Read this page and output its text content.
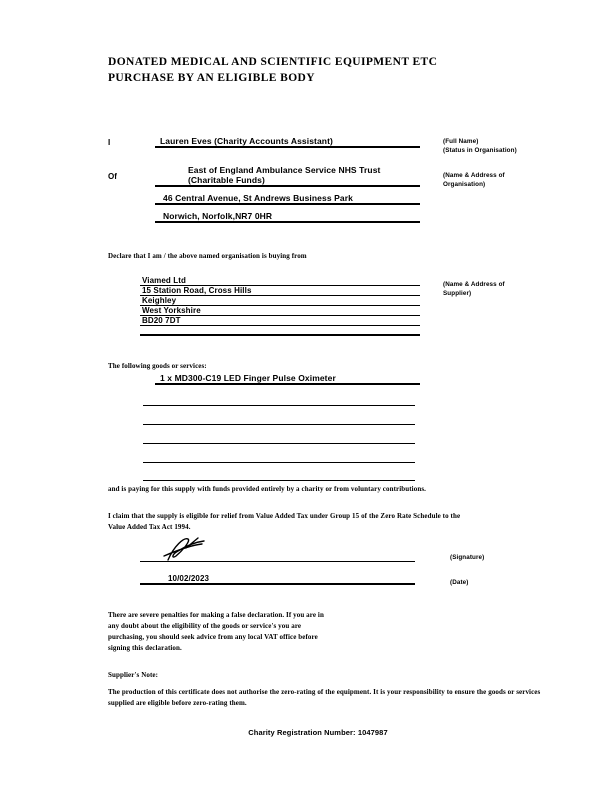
DONATED MEDICAL AND SCIENTIFIC EQUIPMENT ETC
PURCHASE BY AN ELIGIBLE BODY
I	Lauren Eves (Charity Accounts Assistant)	(Full Name)
(Status in Organisation)
Of
East of England Ambulance Service NHS Trust (Charitable Funds)
46 Central Avenue, St Andrews Business Park
Norwich, Norfolk,NR7 0HR
(Name & Address of Organisation)
Declare that I am / the above named organisation is buying from
Viamed Ltd
15 Station Road, Cross Hills
Keighley
West Yorkshire
BD20 7DT
(Name & Address of Supplier)
The following goods or services:
1 x MD300-C19 LED Finger Pulse Oximeter
and is paying for this supply with funds provided entirely by a charity or from voluntary contributions.
I claim that the supply is eligible for relief from Value Added Tax under Group 15 of the Zero Rate Schedule to the Value Added Tax Act 1994.
(Signature)
10/02/2023	(Date)
There are severe penalties for making a false declaration. If you are in any doubt about the eligibility of the goods or service's you are purchasing, you should seek advice from any local VAT office before signing this declaration.
Supplier's Note:
The production of this certificate does not authorise the zero-rating of the equipment. It is your responsibility to ensure the goods or services supplied are eligible before zero-rating them.
Charity Registration Number: 1047987
